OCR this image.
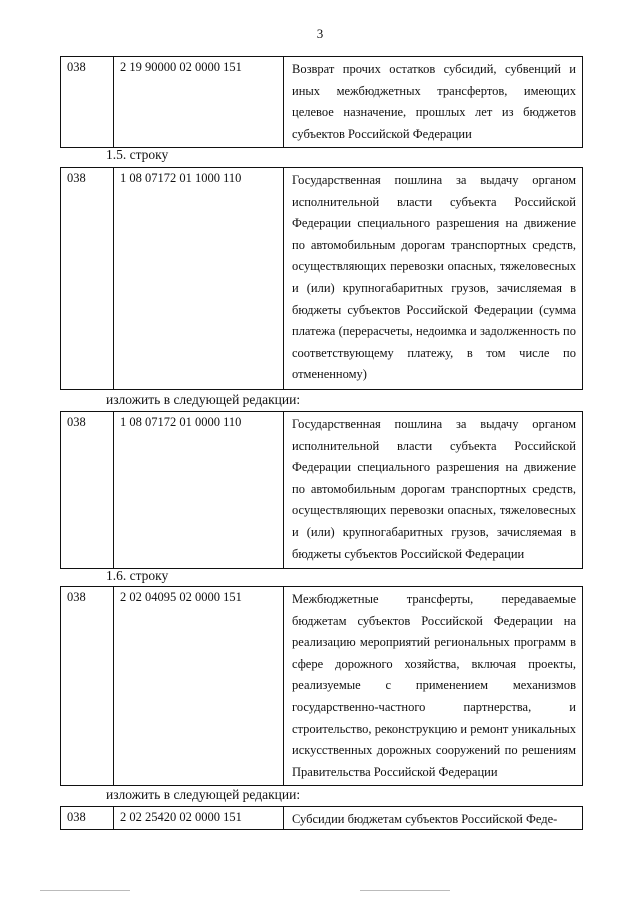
3
038	2 19 90000 02 0000 151	Возврат прочих остатков субсидий, субвенций и иных межбюджетных трансфертов, имеющих целевое назначение, прошлых лет из бюджетов субъектов Российской Федерации
1.5. строку
038	1 08 07172 01 1000 110	Государственная пошлина за выдачу органом исполнительной власти субъекта Российской Федерации специального разрешения на движение по автомобильным дорогам транспортных средств, осуществляющих перевозки опасных, тяжеловесных и (или) крупногабаритных грузов, зачисляемая в бюджеты субъектов Российской Федерации (сумма платежа (перерасчеты, недоимка и задолженность по соответствующему платежу, в том числе по отмененному)
изложить в следующей редакции:
038	1 08 07172 01 0000 110	Государственная пошлина за выдачу органом исполнительной власти субъекта Российской Федерации специального разрешения на движение по автомобильным дорогам транспортных средств, осуществляющих перевозки опасных, тяжеловесных и (или) крупногабаритных грузов, зачисляемая в бюджеты субъектов Российской Федерации
1.6. строку
038	2 02 04095 02 0000 151	Межбюджетные трансферты, передаваемые бюджетам субъектов Российской Федерации на реализацию мероприятий региональных программ в сфере дорожного хозяйства, включая проекты, реализуемые с применением механизмов государственно-частного партнерства, и строительство, реконструкцию и ремонт уникальных искусственных дорожных сооружений по решениям Правительства Российской Федерации
изложить в следующей редакции:
038	2 02 25420 02 0000 151	Субсидии бюджетам субъектов Российской Феде-
